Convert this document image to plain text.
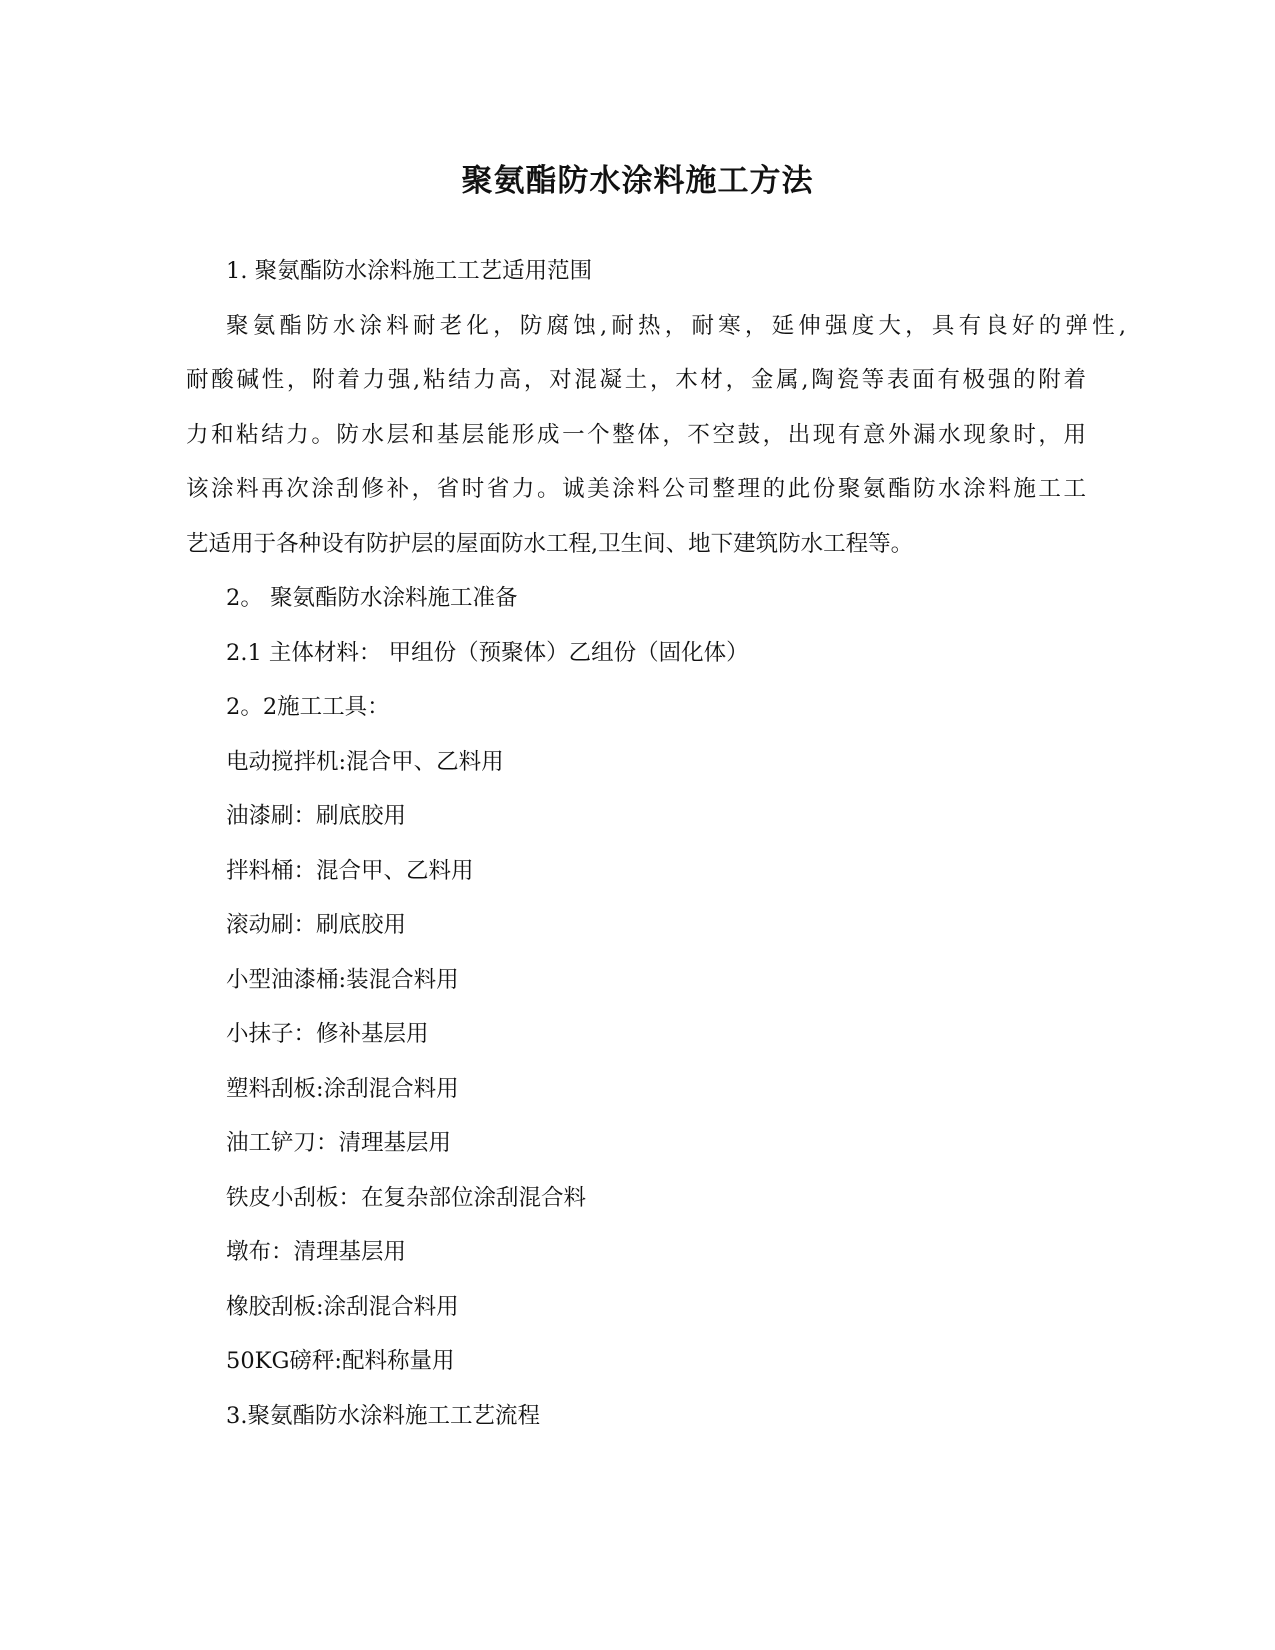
聚氨酯防水涂料施工方法
1. 聚氨酯防水涂料施工工艺适用范围
聚氨酯防水涂料耐老化，防腐蚀,耐热，耐寒，延伸强度大，具有良好的弹性,
耐酸碱性，附着力强,粘结力高，对混凝土，木材，金属,陶瓷等表面有极强的附着
力和粘结力。防水层和基层能形成一个整体，不空鼓，出现有意外漏水现象时，用
该涂料再次涂刮修补，省时省力。诚美涂料公司整理的此份聚氨酯防水涂料施工工
艺适用于各种设有防护层的屋面防水工程,卫生间、地下建筑防水工程等。
2。 聚氨酯防水涂料施工准备
2.1 主体材料： 甲组份（预聚体）乙组份（固化体）
2。2施工工具：
电动搅拌机:混合甲、乙料用
油漆刷：刷底胶用
拌料桶：混合甲、乙料用
滚动刷：刷底胶用
小型油漆桶:装混合料用
小抹子：修补基层用
塑料刮板:涂刮混合料用
油工铲刀：清理基层用
铁皮小刮板：在复杂部位涂刮混合料
墩布：清理基层用
橡胶刮板:涂刮混合料用
50KG磅秤:配料称量用
3.聚氨酯防水涂料施工工艺流程
